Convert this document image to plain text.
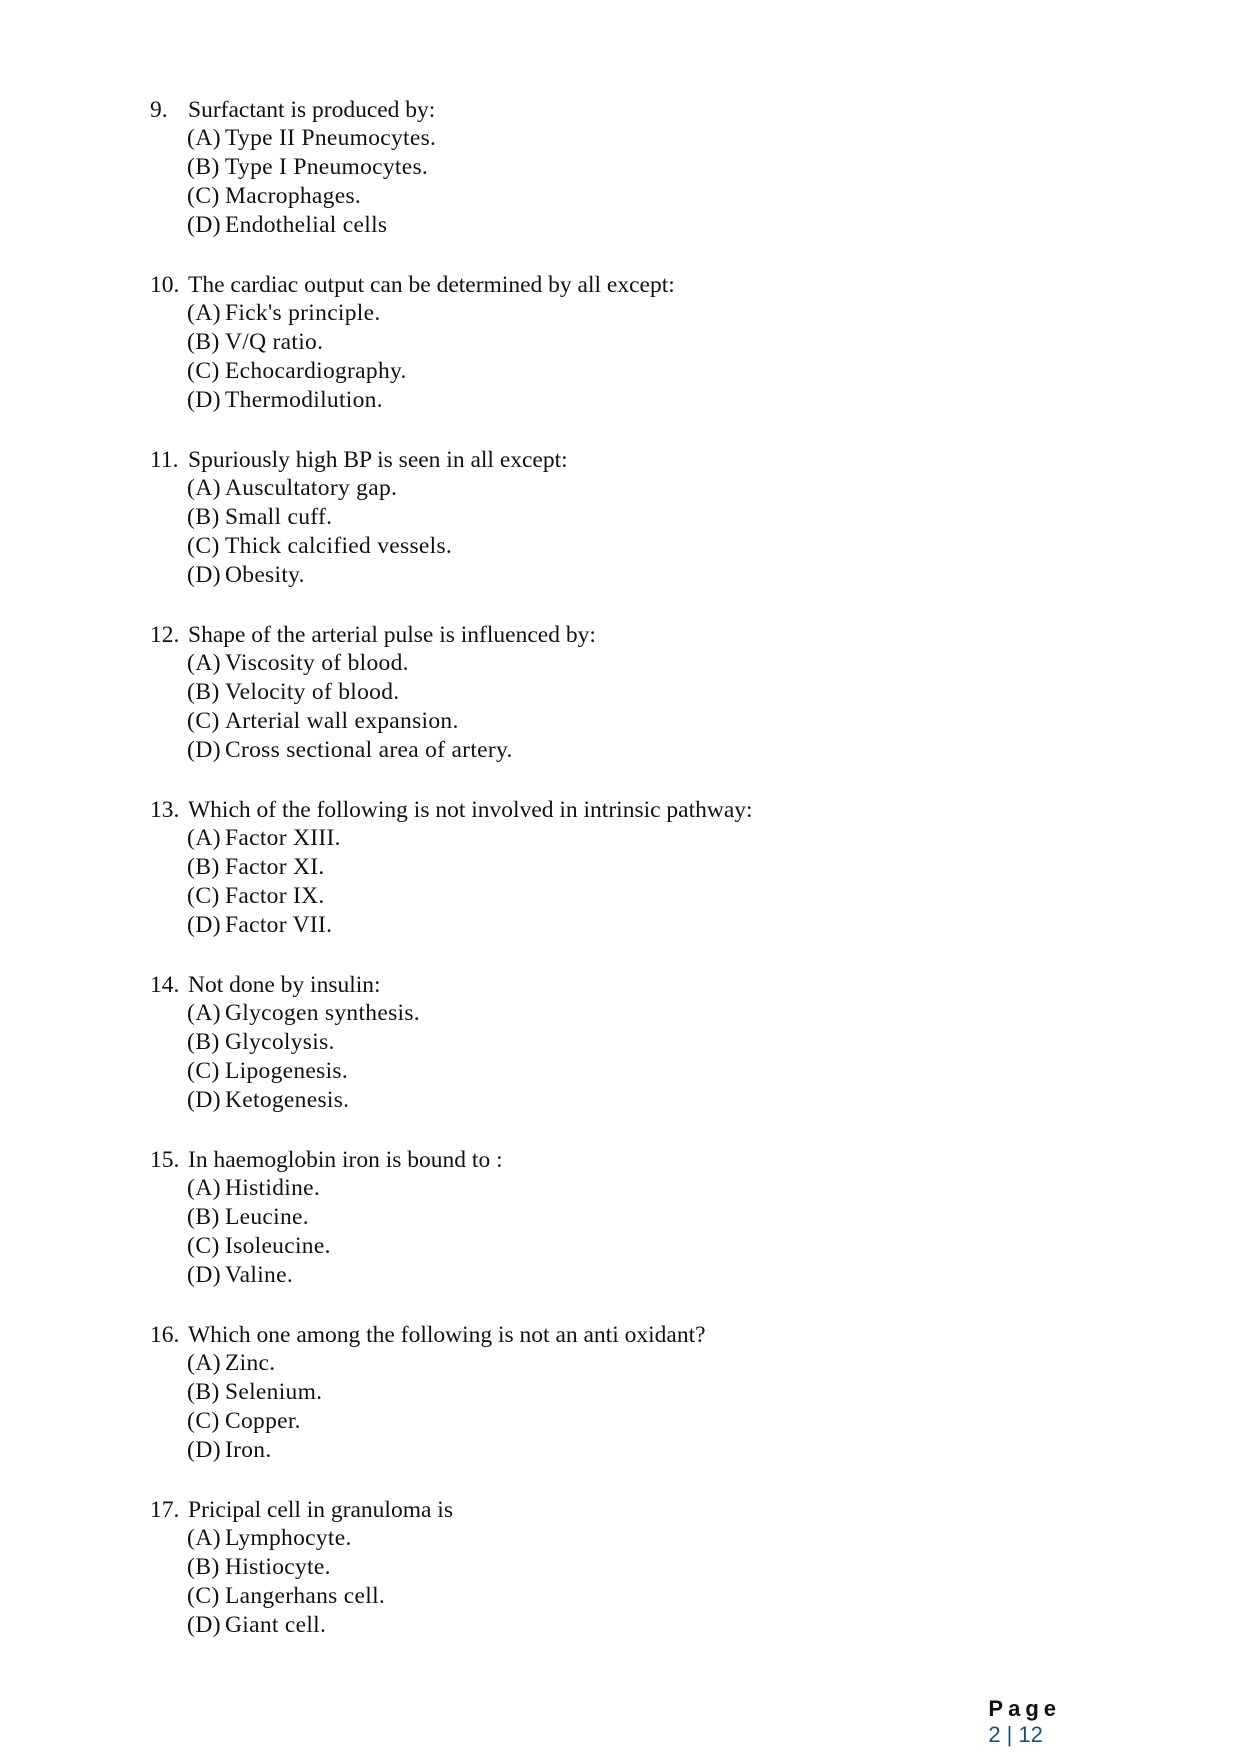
9. Surfactant is produced by:
(A) Type II Pneumocytes.
(B) Type I Pneumocytes.
(C) Macrophages.
(D) Endothelial cells
10. The cardiac output can be determined by all except:
(A) Fick's principle.
(B) V/Q ratio.
(C) Echocardiography.
(D) Thermodilution.
11. Spuriously high BP is seen in all except:
(A) Auscultatory gap.
(B) Small cuff.
(C) Thick calcified vessels.
(D) Obesity.
12. Shape of the arterial pulse is influenced by:
(A) Viscosity of blood.
(B) Velocity of blood.
(C) Arterial wall expansion.
(D) Cross sectional area of artery.
13. Which of the following is not involved in intrinsic pathway:
(A) Factor XIII.
(B) Factor XI.
(C) Factor IX.
(D) Factor VII.
14. Not done by insulin:
(A) Glycogen synthesis.
(B) Glycolysis.
(C) Lipogenesis.
(D) Ketogenesis.
15. In haemoglobin iron is bound to :
(A) Histidine.
(B) Leucine.
(C) Isoleucine.
(D) Valine.
16. Which one among the following is not an anti oxidant?
(A) Zinc.
(B) Selenium.
(C) Copper.
(D) Iron.
17. Pricipal cell in granuloma is
(A) Lymphocyte.
(B) Histiocyte.
(C) Langerhans cell.
(D) Giant cell.

Page
2 | 12
